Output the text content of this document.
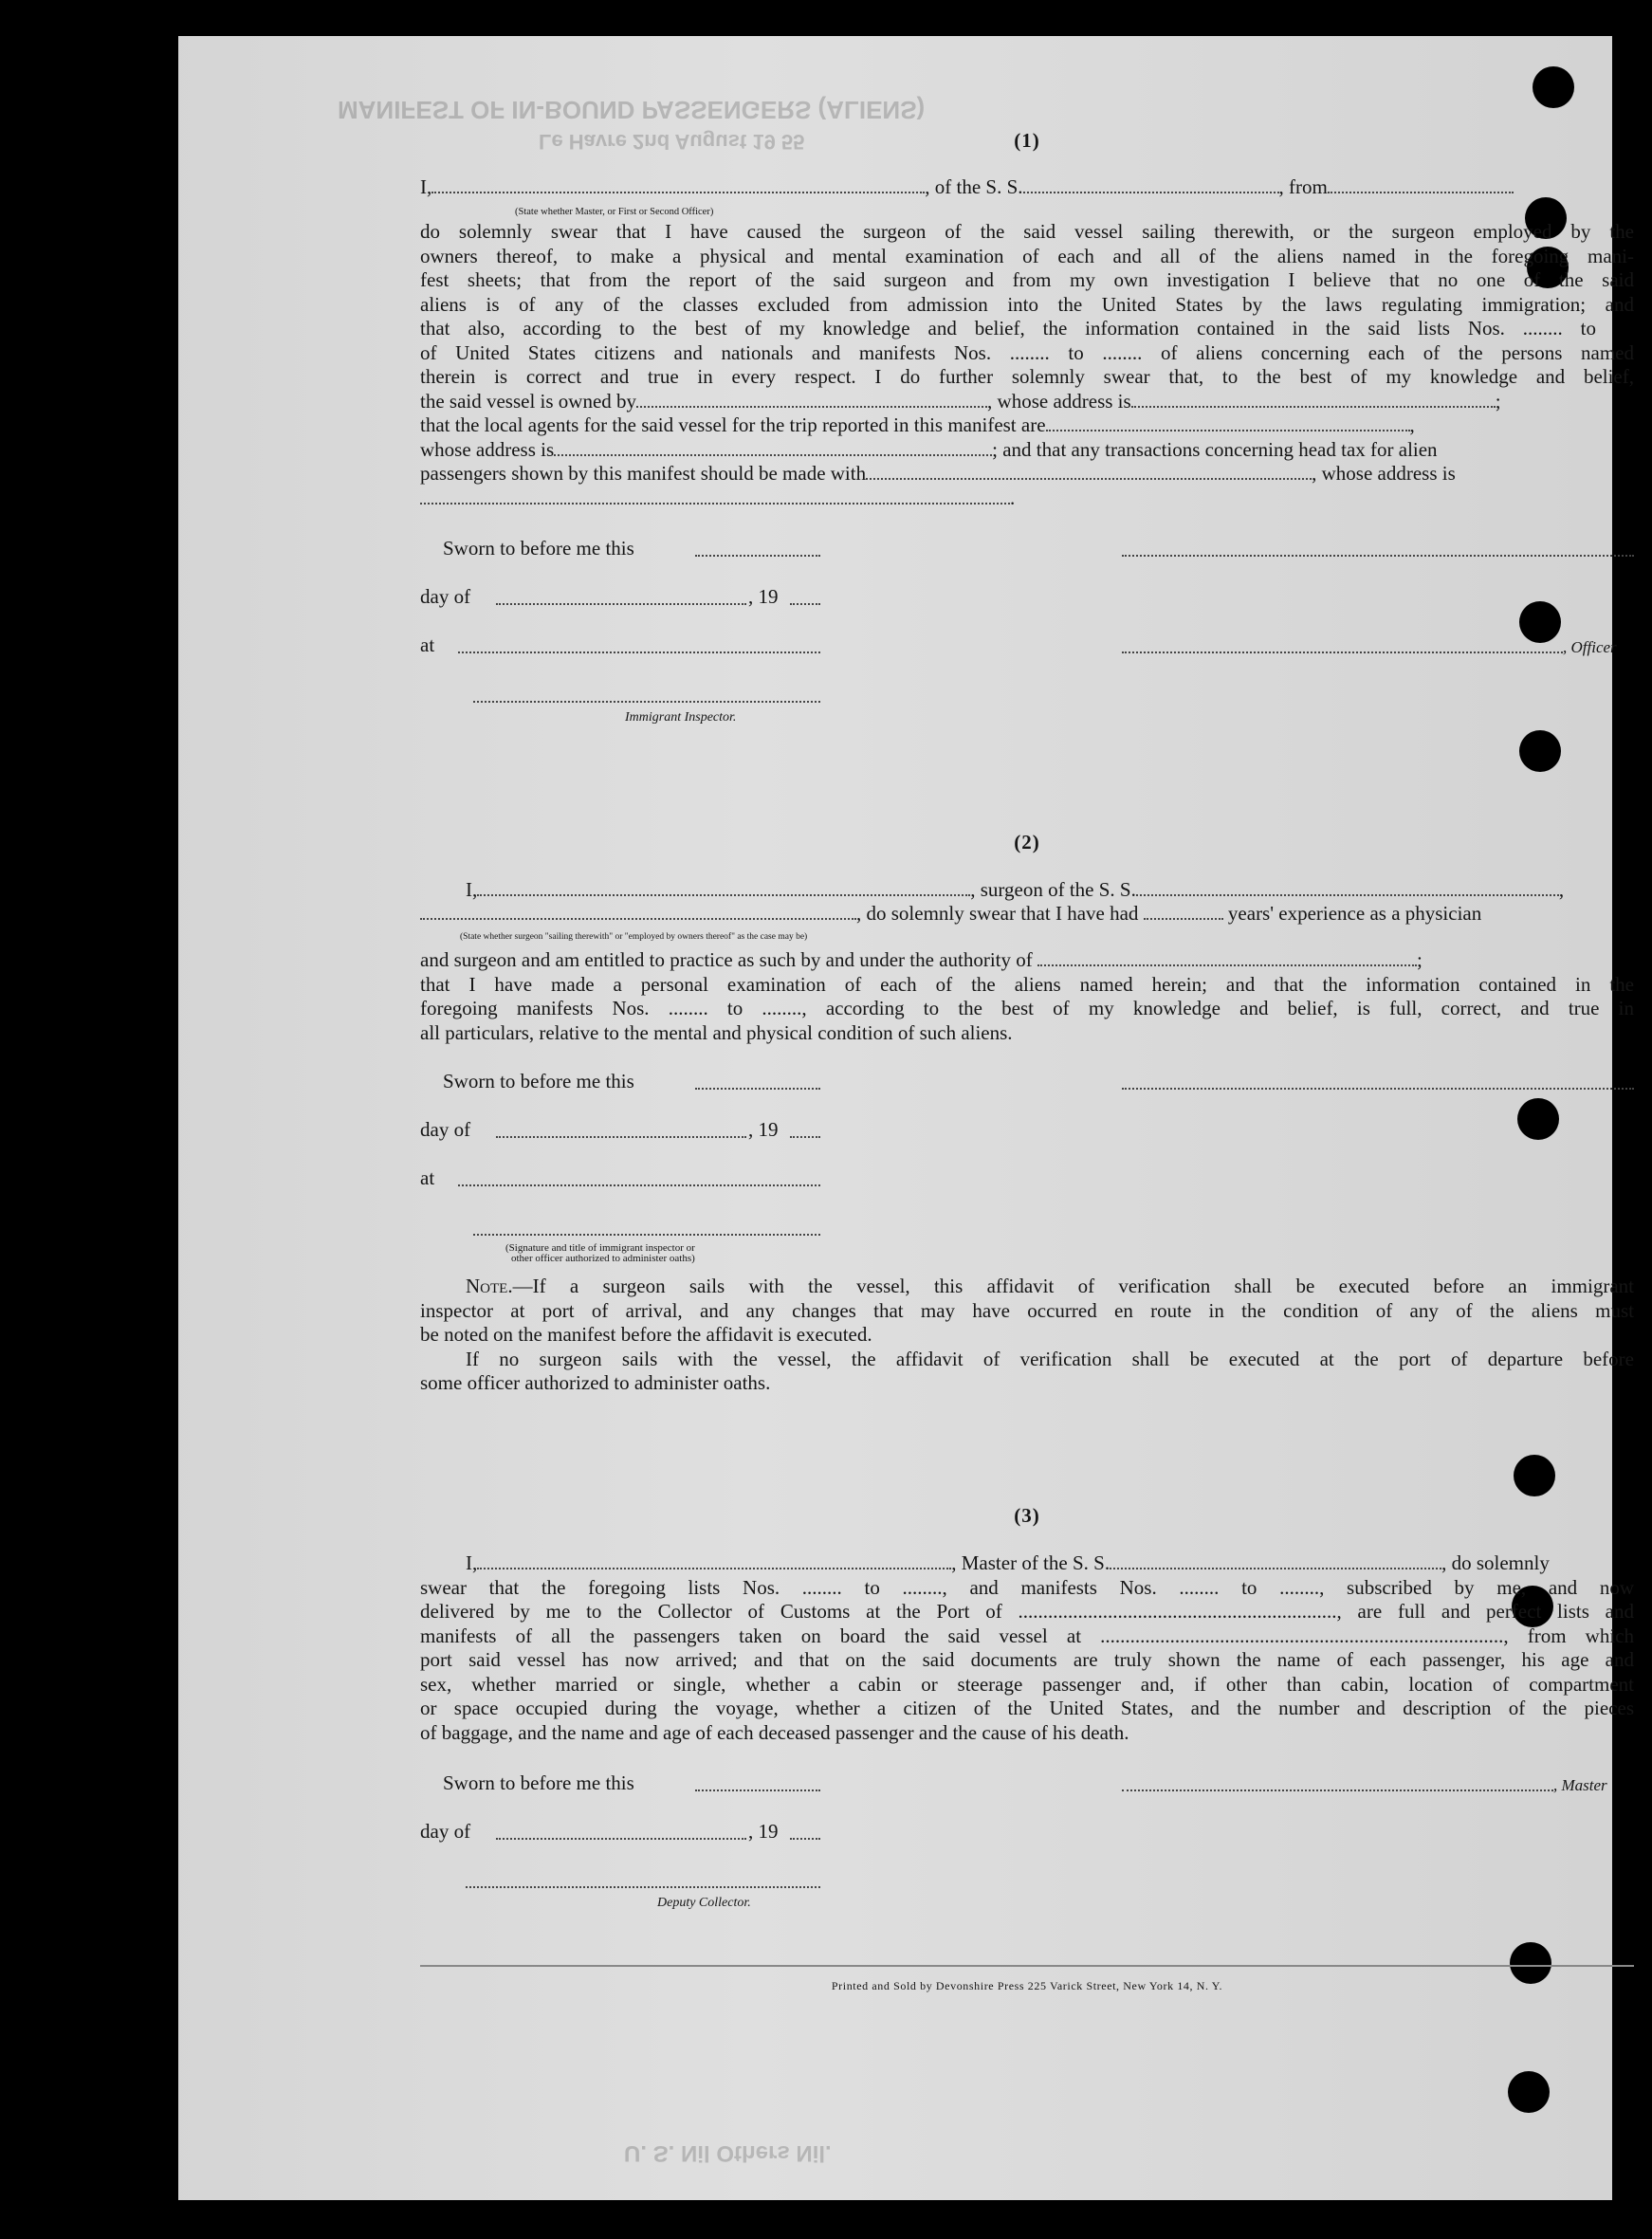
MANIFEST OF IN-BOUND PASSENGERS (ALIENS)
Le Havre 2nd August 19 55
U. S. Nil Others Nil.
(1)
I,	, of the S. S.	, from
(State whether Master, or First or Second Officer)
do solemnly swear that I have caused the surgeon of the said vessel sailing therewith, or the surgeon employed by the
owners thereof, to make a physical and mental examination of each and all of the aliens named in the foregoing mani-
fest sheets; that from the report of the said surgeon and from my own investigation I believe that no one of the said
aliens is of any of the classes excluded from admission into the United States by the laws regulating immigration; and
that also, according to the best of my knowledge and belief, the information contained in the said lists Nos. ........ to
of United States citizens and nationals and manifests Nos. ........ to ........ of aliens concerning each of the persons named
therein is correct and true in every respect. I do further solemnly swear that, to the best of my knowledge and belief,
the said vessel is owned by	, whose address is	;
that the local agents for the said vessel for the trip reported in this manifest are	,
whose address is	; and that any transactions concerning head tax for alien
passengers shown by this manifest should be made with	, whose address is
.
Sworn to before me this
day of	, 19
at	, Officer
Immigrant Inspector.
(2)
I,	, surgeon of the S. S.	,
, do solemnly swear that I have had	years' experience as a physician
(State whether surgeon "sailing therewith" or "employed by owners thereof" as the case may be)
and surgeon and am entitled to practice as such by and under the authority of	;
that I have made a personal examination of each of the aliens named herein; and that the information contained in the
foregoing manifests Nos. ........ to ........, according to the best of my knowledge and belief, is full, correct, and true in
all particulars, relative to the mental and physical condition of such aliens.
Sworn to before me this
day of	, 19
at
(Signature and title of immigrant inspector or
other officer authorized to administer oaths)
Note.—If a surgeon sails with the vessel, this affidavit of verification shall be executed before an immigrant
inspector at port of arrival, and any changes that may have occurred en route in the condition of any of the aliens must
be noted on the manifest before the affidavit is executed.
If no surgeon sails with the vessel, the affidavit of verification shall be executed at the port of departure before
some officer authorized to administer oaths.
(3)
I,	, Master of the S. S.	, do solemnly
swear that the foregoing lists Nos. ........ to ........, and manifests Nos. ........ to ........, subscribed by me, and now
delivered by me to the Collector of Customs at the Port of ................................................................, are full and perfect lists and
manifests of all the passengers taken on board the said vessel at ................................................................................., from which
port said vessel has now arrived; and that on the said documents are truly shown the name of each passenger, his age and
sex, whether married or single, whether a cabin or steerage passenger and, if other than cabin, location of compartment
or space occupied during the voyage, whether a citizen of the United States, and the number and description of the pieces
of baggage, and the name and age of each deceased passenger and the cause of his death.
Sworn to before me this	, Master
day of	, 19
Deputy Collector.
Printed and Sold by Devonshire Press 225 Varick Street, New York 14, N. Y.
